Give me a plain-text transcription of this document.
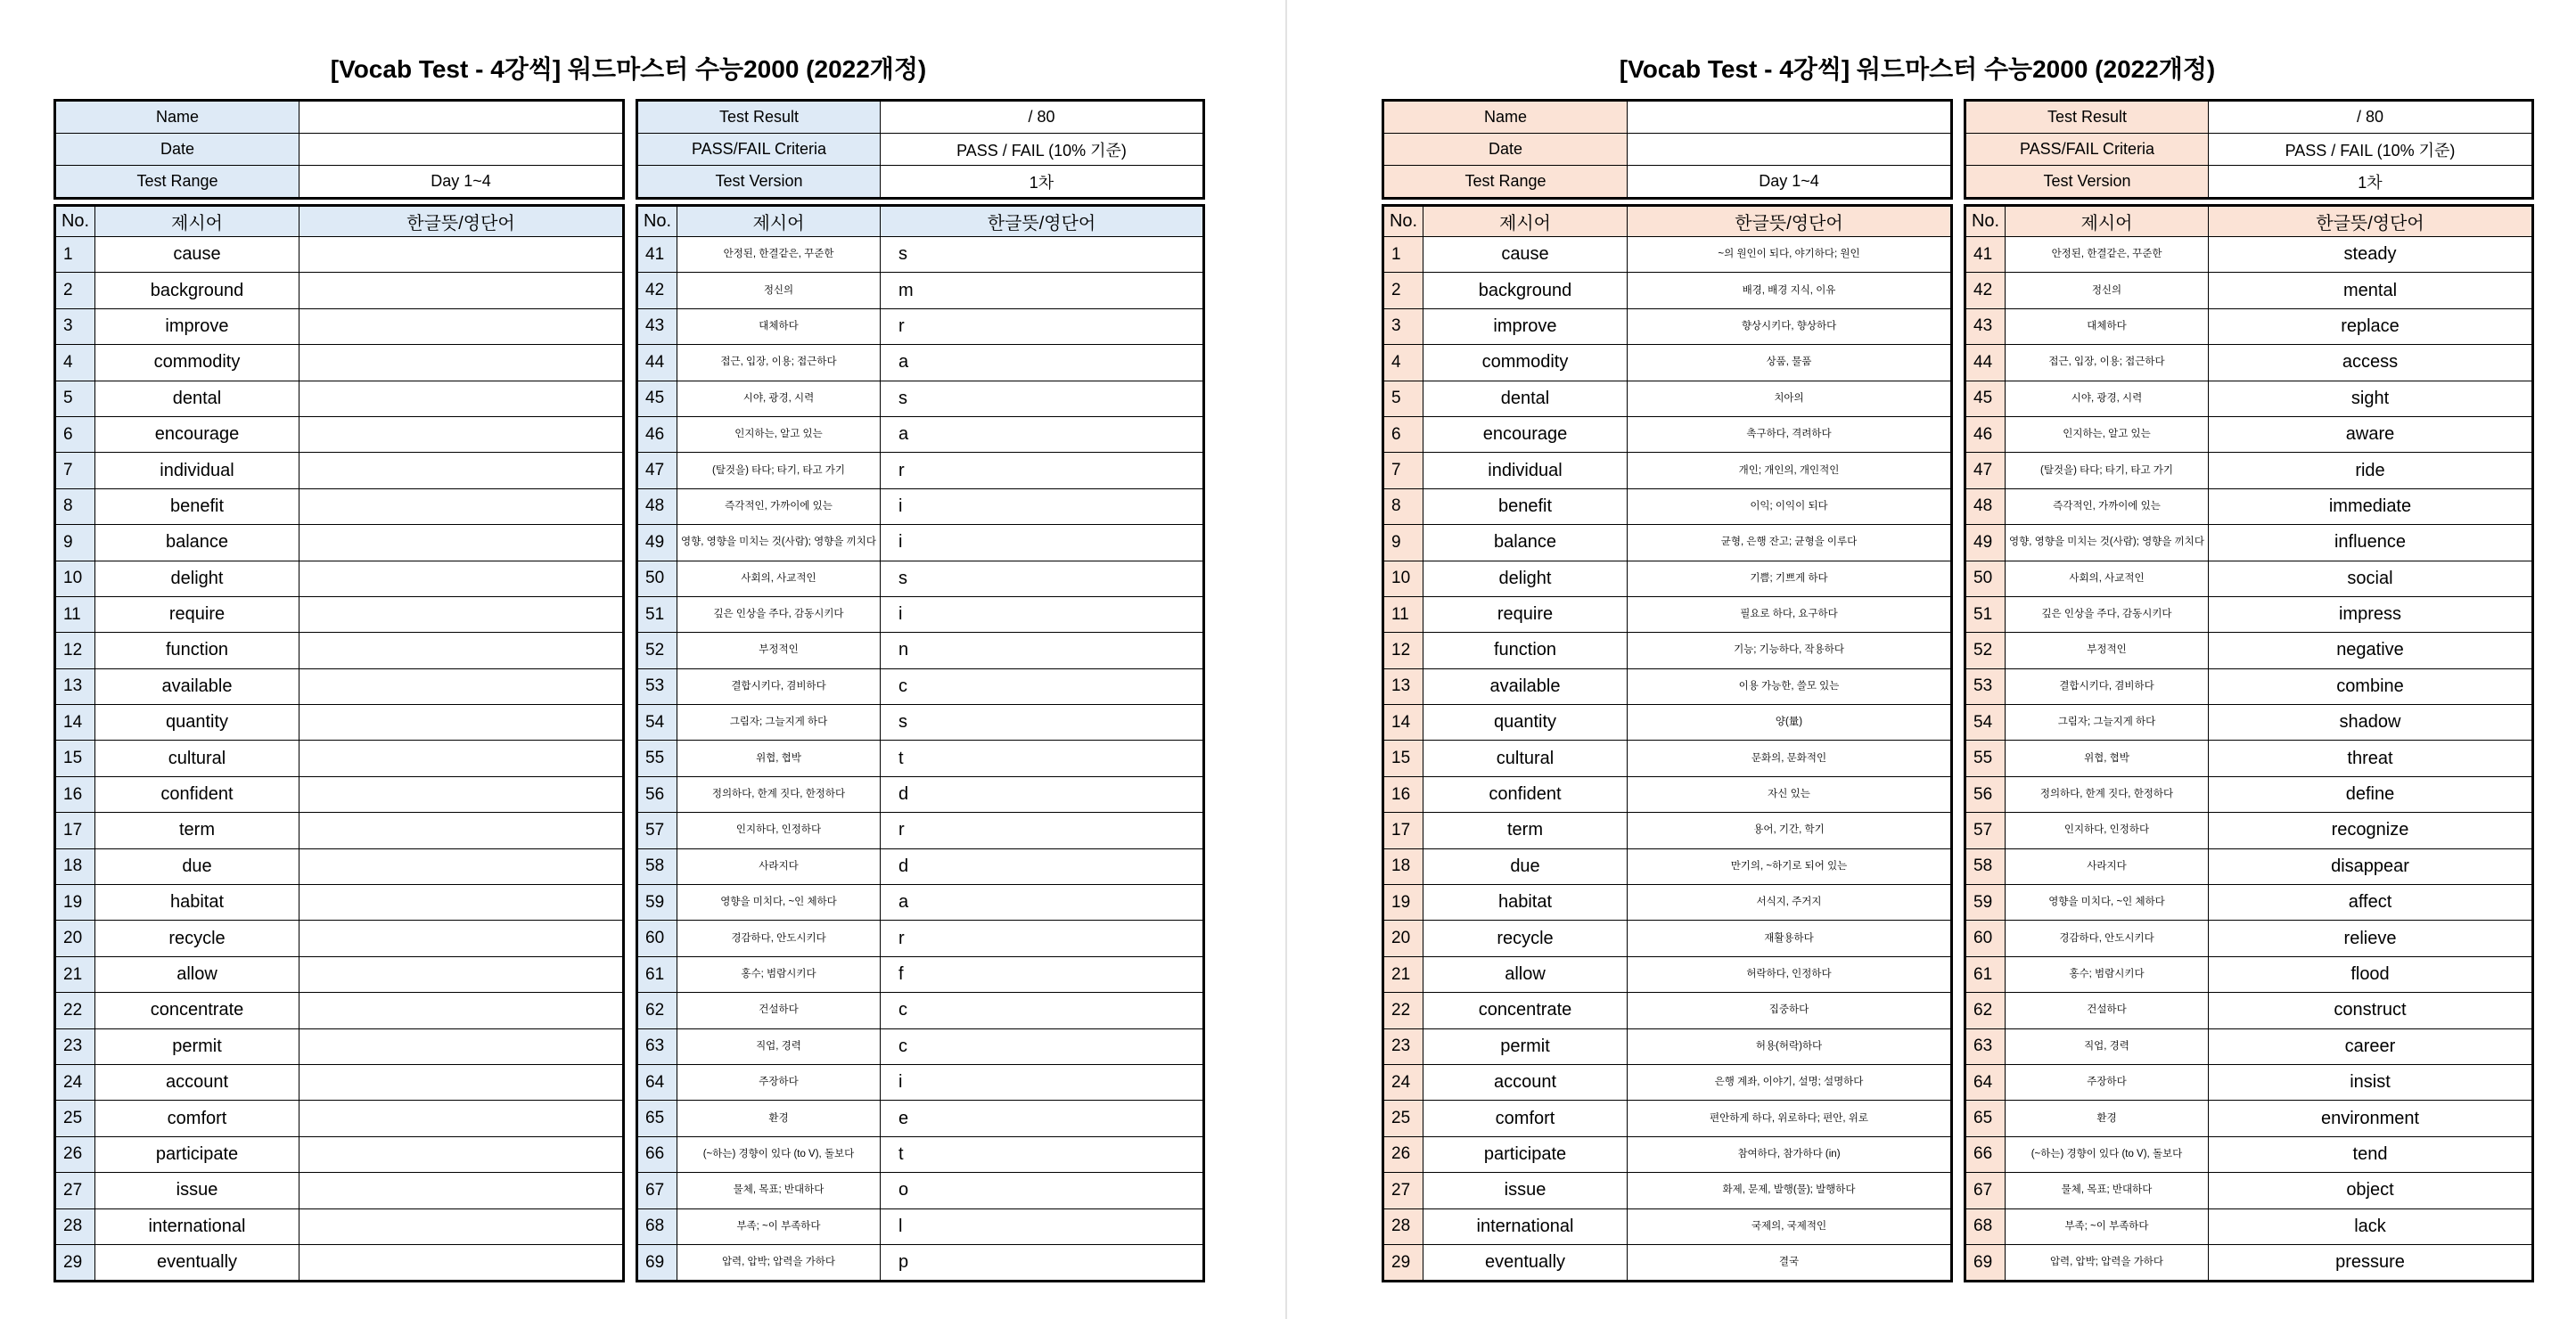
[Vocab Test - 4강씩] 워드마스터 수능2000 (2022개정)
Name	
Date	
Test Range	Day 1~4
Test Result	/ 80
PASS/FAIL Criteria	PASS / FAIL (10% 기준)
Test Version	1차
No.	제시어	한글뜻/영단어
1	cause	
2	background	
3	improve	
4	commodity	
5	dental	
6	encourage	
7	individual	
8	benefit	
9	balance	
10	delight	
11	require	
12	function	
13	available	
14	quantity	
15	cultural	
16	confident	
17	term	
18	due	
19	habitat	
20	recycle	
21	allow	
22	concentrate	
23	permit	
24	account	
25	comfort	
26	participate	
27	issue	
28	international	
29	eventually	
No.	제시어	한글뜻/영단어
41	안정된, 한결같은, 꾸준한	s
42	정신의	m
43	대체하다	r
44	접근, 입장, 이용; 접근하다	a
45	시야, 광경, 시력	s
46	인지하는, 알고 있는	a
47	(탈것을) 타다; 타기, 타고 가기	r
48	즉각적인, 가까이에 있는	i
49	영향, 영향을 미치는 것(사람); 영향을 끼치다	i
50	사회의, 사교적인	s
51	깊은 인상을 주다, 감동시키다	i
52	부정적인	n
53	결합시키다, 겸비하다	c
54	그림자; 그늘지게 하다	s
55	위협, 협박	t
56	정의하다, 한계 짓다, 한정하다	d
57	인지하다, 인정하다	r
58	사라지다	d
59	영향을 미치다, ~인 체하다	a
60	경감하다, 안도시키다	r
61	홍수; 범람시키다	f
62	건설하다	c
63	직업, 경력	c
64	주장하다	i
65	환경	e
66	(~하는) 경향이 있다 (to V), 돌보다	t
67	물체, 목표; 반대하다	o
68	부족; ~이 부족하다	l
69	압력, 압박; 압력을 가하다	p
[Vocab Test - 4강씩] 워드마스터 수능2000 (2022개정)
Name	
Date	
Test Range	Day 1~4
Test Result	/ 80
PASS/FAIL Criteria	PASS / FAIL (10% 기준)
Test Version	1차
No.	제시어	한글뜻/영단어
1	cause	~의 원인이 되다, 야기하다; 원인
2	background	배경, 배경 지식, 이유
3	improve	향상시키다, 향상하다
4	commodity	상품, 물품
5	dental	치아의
6	encourage	촉구하다, 격려하다
7	individual	개인; 개인의, 개인적인
8	benefit	이익; 이익이 되다
9	balance	균형, 은행 잔고; 균형을 이루다
10	delight	기쁨; 기쁘게 하다
11	require	필요로 하다, 요구하다
12	function	기능; 기능하다, 작용하다
13	available	이용 가능한, 쓸모 있는
14	quantity	양(量)
15	cultural	문화의, 문화적인
16	confident	자신 있는
17	term	용어, 기간, 학기
18	due	만기의, ~하기로 되어 있는
19	habitat	서식지, 주거지
20	recycle	재활용하다
21	allow	허락하다, 인정하다
22	concentrate	집중하다
23	permit	허용(허락)하다
24	account	은행 계좌, 이야기, 설명; 설명하다
25	comfort	편안하게 하다, 위로하다; 편안, 위로
26	participate	참여하다, 참가하다 (in)
27	issue	화제, 문제, 발행(물); 발행하다
28	international	국제의, 국제적인
29	eventually	결국
No.	제시어	한글뜻/영단어
41	안정된, 한결같은, 꾸준한	steady
42	정신의	mental
43	대체하다	replace
44	접근, 입장, 이용; 접근하다	access
45	시야, 광경, 시력	sight
46	인지하는, 알고 있는	aware
47	(탈것을) 타다; 타기, 타고 가기	ride
48	즉각적인, 가까이에 있는	immediate
49	영향, 영향을 미치는 것(사람); 영향을 끼치다	influence
50	사회의, 사교적인	social
51	깊은 인상을 주다, 감동시키다	impress
52	부정적인	negative
53	결합시키다, 겸비하다	combine
54	그림자; 그늘지게 하다	shadow
55	위협, 협박	threat
56	정의하다, 한계 짓다, 한정하다	define
57	인지하다, 인정하다	recognize
58	사라지다	disappear
59	영향을 미치다, ~인 체하다	affect
60	경감하다, 안도시키다	relieve
61	홍수; 범람시키다	flood
62	건설하다	construct
63	직업, 경력	career
64	주장하다	insist
65	환경	environment
66	(~하는) 경향이 있다 (to V), 돌보다	tend
67	물체, 목표; 반대하다	object
68	부족; ~이 부족하다	lack
69	압력, 압박; 압력을 가하다	pressure
